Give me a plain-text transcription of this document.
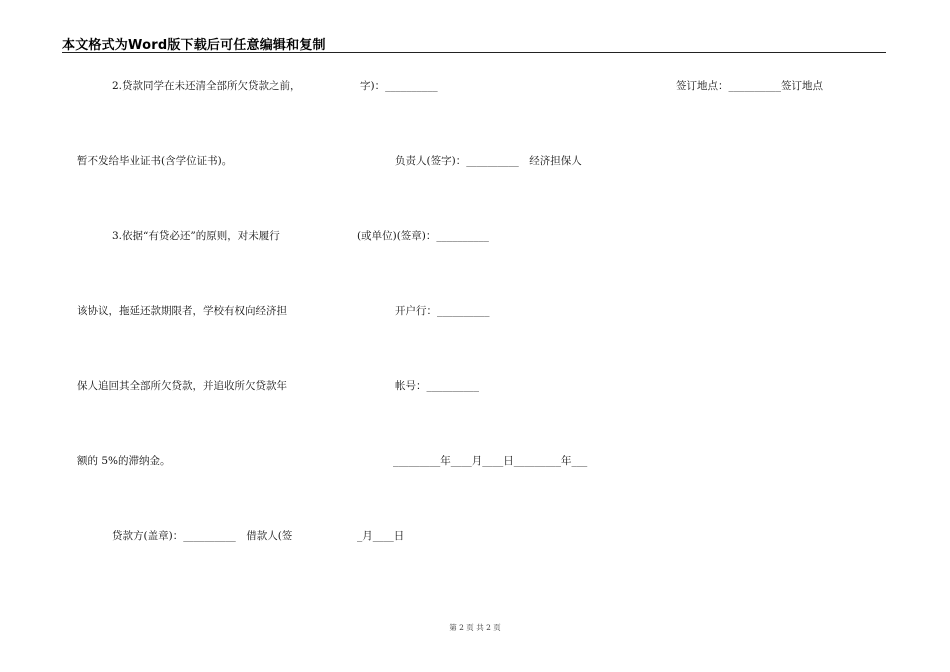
本文格式为Word版下载后可任意编辑和复制
2.贷款同学在未还清全部所欠贷款之前，
暂不发给毕业证书(含学位证书)。
3.依据“有贷必还”的原则，对未履行
该协议，拖延还款期限者，学校有权向经济担
保人追回其全部所欠贷款，并追收所欠贷款年
额的 5%的滞纳金。
贷款方(盖章)：__________　借款人(签
字)：__________
负责人(签字)：__________　经济担保人
(或单位)(签章)：__________
开户行：__________
帐号：__________
_________年____月____日_________年___
_月____日
签订地点：__________签订地点
第 2 页 共 2 页
